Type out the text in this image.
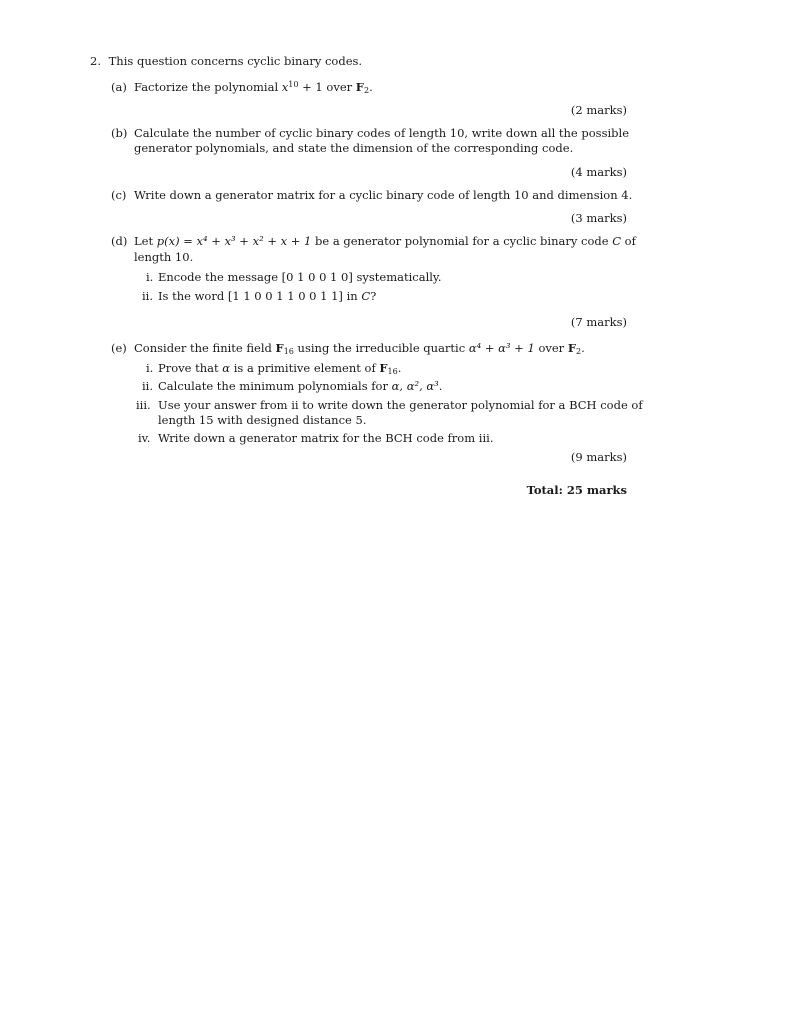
2. This question concerns cyclic binary codes.
(a) Factorize the polynomial $x^{10} + 1$ over $F_2$.
(2 marks)
(b) Calculate the number of cyclic binary codes of length 10, write down all the possible
generator polynomials, and state the dimension of the corresponding code.
(4 marks)
(c) Write down a generator matrix for a cyclic binary code of length 10 and dimension 4.
(3 marks)
(d) Let p(x) = x⁴ + x³ + x² + x + 1 be a generator polynomial for a cyclic binary code C of
length 10.
i. Encode the message [0 1 0 0 1 0] systematically.
ii. Is the word [1 1 0 0 1 1 0 0 1 1] in C?
(7 marks)
(e) Consider the finite field $F_{16}$ using the irreducible quartic α⁴ + α³ + 1 over $F_2$.
i. Prove that α is a primitive element of $F_{16}$.
ii. Calculate the minimum polynomials for α, α², α³.
iii. Use your answer from ii to write down the generator polynomial for a BCH code of
length 15 with designed distance 5.
iv. Write down a generator matrix for the BCH code from iii.
(9 marks)
Total: 25 marks
